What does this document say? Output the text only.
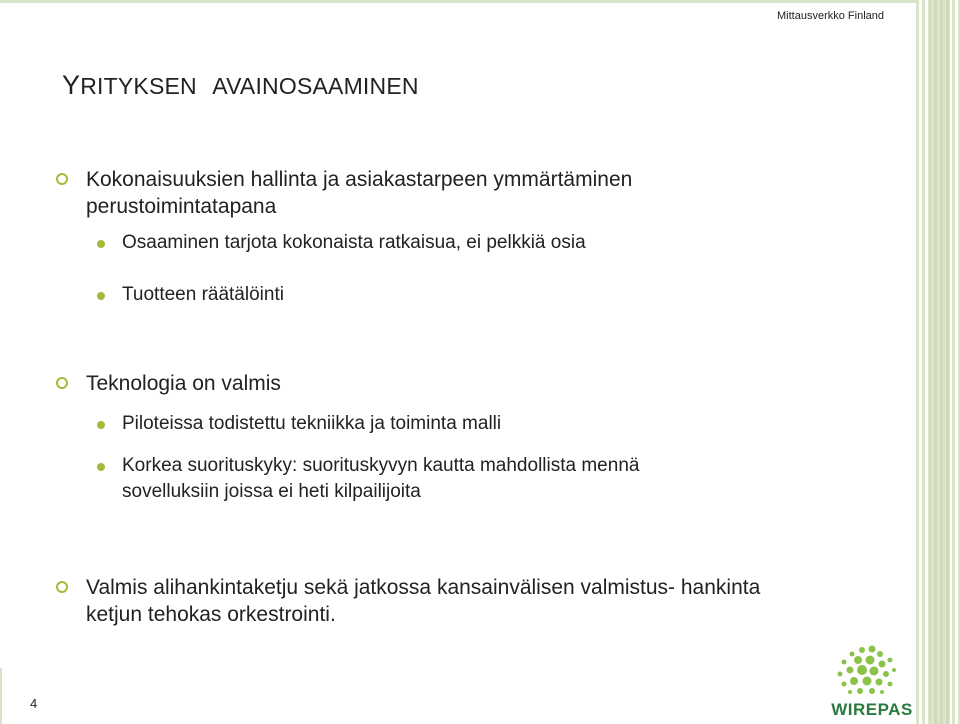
Mittausverkko Finland
YRITYKSEN AVAINOSAAMINEN
Kokonaisuuksien hallinta ja asiakastarpeen ymmärtäminen
perustoimintatapana
Osaaminen tarjota kokonaista ratkaisua, ei pelkkiä osia
Tuotteen räätälöinti
Teknologia on valmis
Piloteissa todistettu tekniikka ja toiminta malli
Korkea suorituskyky: suorituskyvyn kautta mahdollista mennä
sovelluksiin joissa ei heti kilpailijoita
Valmis alihankintaketju sekä jatkossa kansainvälisen valmistus- hankinta
ketjun tehokas orkestrointi.
4	WIREPAS
